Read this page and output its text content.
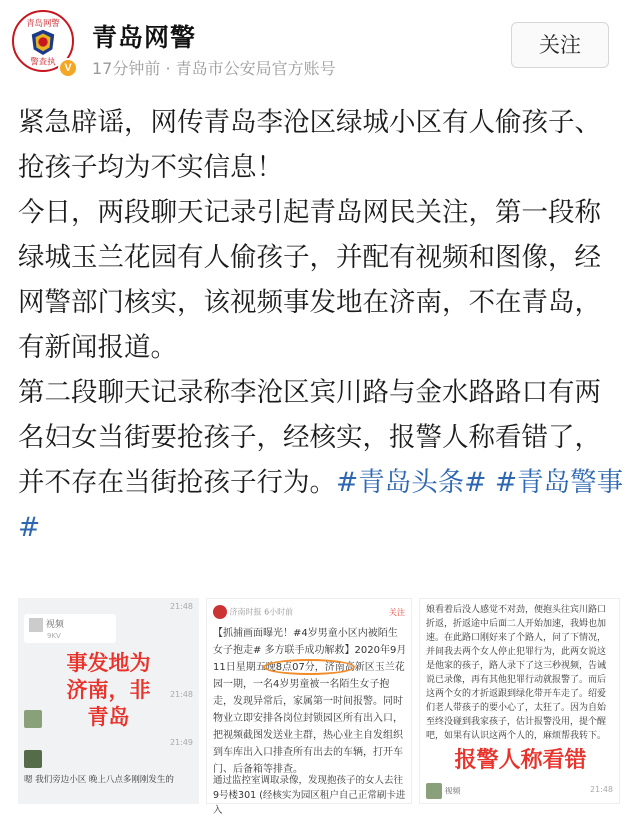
青岛网警
警查执
V
青岛网警
17分钟前 · 青岛市公安局官方账号
关注

紧急辟谣，网传青岛李沧区绿城小区有人偷孩子、抢孩子均为不实信息！

今日，两段聊天记录引起青岛网民关注，第一段称绿城玉兰花园有人偷孩子，并配有视频和图像，经网警部门核实，该视频事发地在济南，不在青岛，有新闻报道。

第二段聊天记录称李沧区宾川路与金水路路口有两名妇女当街要抢孩子，经核实，报警人称看错了，并不存在当街抢孩子行为。#青岛头条# #青岛警事#

21:48
视频
9KV
事发地为
济南，非
青岛
21:48
21:49
嗯 我们旁边小区 晚上八点多刚刚发生的
济南时报 6小时前	关注
【抓捕画面曝光！#4岁男童小区内被陌生女子抱走# 多方联手成功解救】2020年9月11日星期五晚8点07分，济南高新区玉兰花园一期，一名4岁男童被一名陌生女子抱走，发现异常后，家属第一时间报警。同时物业立即安排各岗位封锁园区所有出入口，把视频截图发送业主群，热心业主自发组织到车库出入口排查所有出去的车辆，打开车门、后备箱等排查。
通过监控室调取录像，发现抱孩子的女人去往9号楼301 (经核实为园区租户自己正常刷卡进入
娘看着后没人感觉不对劲，便抱头往宾川路口折返，折返途中后面二人开始加速，我姆也加速。在此路口刚好来了个路人，问了下情况，并间我去两个女人停止犯罪行为，此两女说这是他家的孩子，路人录下了这三秒视频，告诫说已录像，再有其他犯罪行动就报警了。而后这两个女的才折返跟到绿化带开车走了。绍爱们老人带孩子的要小心了，太狂了。因为自始至终没碰到我家孩子，估计报警没用，提个醒吧，如果有认识这两个人的，麻烦帮我转下。
报警人称看错
视频	21:48
